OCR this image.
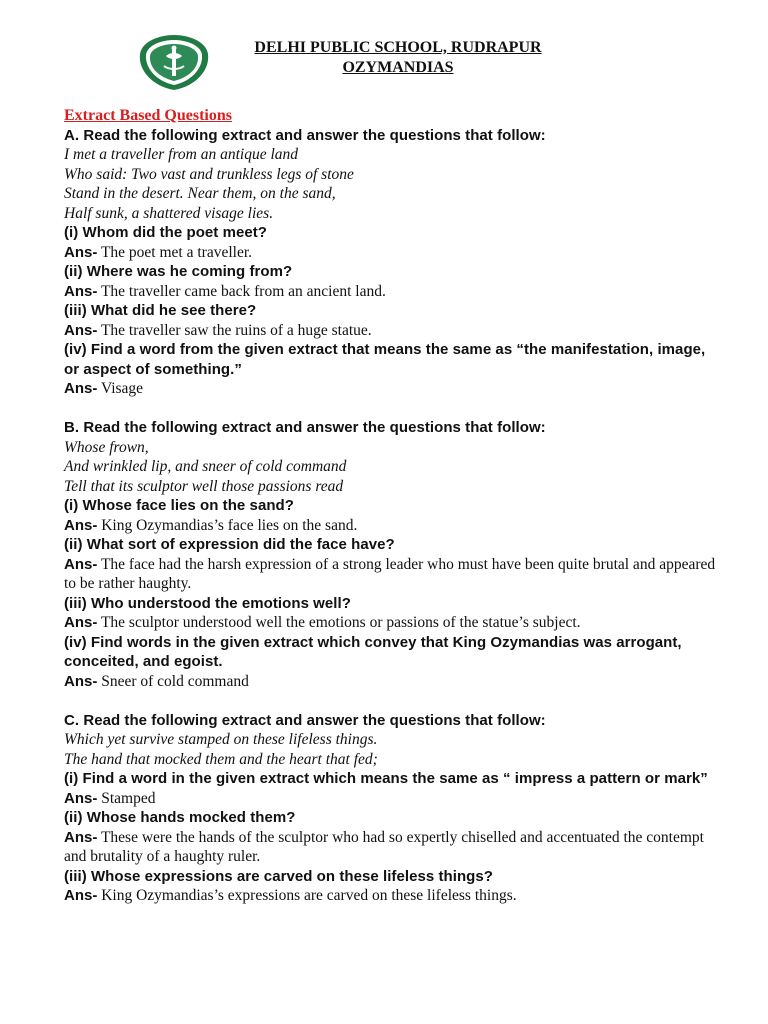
DELHI PUBLIC SCHOOL, RUDRAPUR
OZYMANDIAS
Extract Based Questions
A. Read the following extract and answer the questions that follow:
I met a traveller from an antique land
Who said: Two vast and trunkless legs of stone
Stand in the desert. Near them, on the sand,
Half sunk, a shattered visage lies.
(i) Whom did the poet meet?
Ans- The poet met a traveller.
(ii) Where was he coming from?
Ans- The traveller came back from an ancient land.
(iii) What did he see there?
Ans- The traveller saw the ruins of a huge statue.
(iv) Find a word from the given extract that means the same as “the manifestation, image, or aspect of something.”
Ans- Visage
B. Read the following extract and answer the questions that follow:
Whose frown,
And wrinkled lip, and sneer of cold command
Tell that its sculptor well those passions read
(i) Whose face lies on the sand?
Ans- King Ozymandias’s face lies on the sand.
(ii) What sort of expression did the face have?
Ans- The face had the harsh expression of a strong leader who must have been quite brutal and appeared to be rather haughty.
(iii) Who understood the emotions well?
Ans- The sculptor understood well the emotions or passions of the statue’s subject.
(iv) Find words in the given extract which convey that King Ozymandias was arrogant, conceited, and egoist.
Ans- Sneer of cold command
C. Read the following extract and answer the questions that follow:
Which yet survive stamped on these lifeless things.
The hand that mocked them and the heart that fed;
(i) Find a word in the given extract which means the same as “ impress a pattern or mark”
Ans- Stamped
(ii) Whose hands mocked them?
Ans- These were the hands of the sculptor who had so expertly chiselled and accentuated the contempt and brutality of a haughty ruler.
(iii) Whose expressions are carved on these lifeless things?
Ans- King Ozymandias’s expressions are carved on these lifeless things.
